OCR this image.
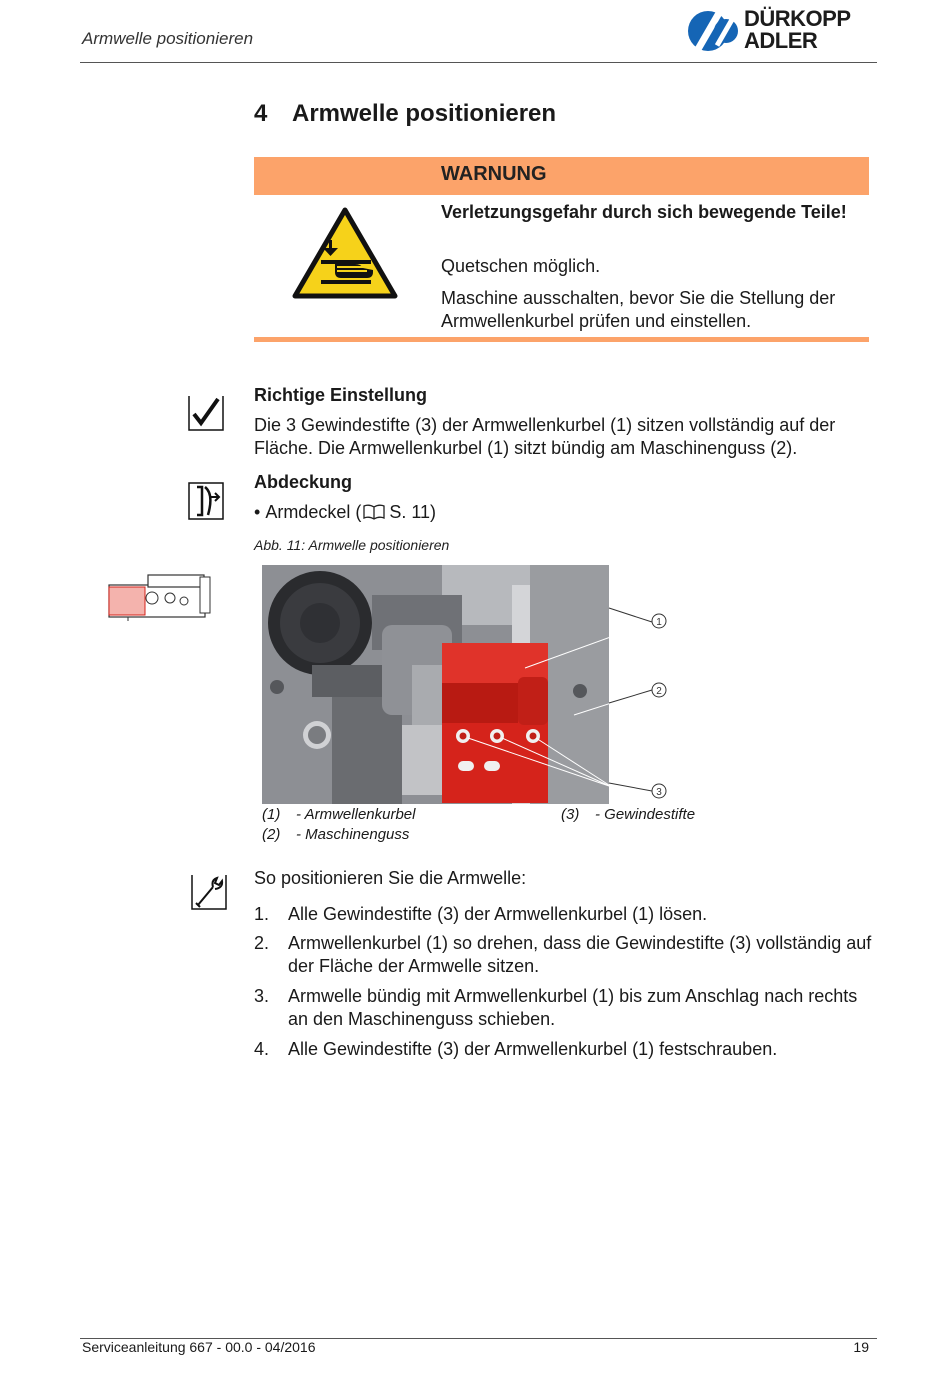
Armwelle positionieren
DÜRKOPP
ADLER
4 Armwelle positionieren
WARNUNG
Verletzungsgefahr durch sich bewegende Teile!
Quetschen möglich.
Maschine ausschalten, bevor Sie die Stellung der Armwellenkurbel prüfen und einstellen.
Richtige Einstellung
Die 3 Gewindestifte (3) der Armwellenkurbel (1) sitzen vollständig auf der Fläche. Die Armwellenkurbel (1) sitzt bündig am Maschinenguss (2).
Abdeckung
• Armdeckel ( S. 11)
Abb. 11: Armwelle positionieren
1
2
3
(1) - Armwellenkurbel
(2) - Maschinenguss
(3) - Gewindestifte
So positionieren Sie die Armwelle:
1. Alle Gewindestifte (3) der Armwellenkurbel (1) lösen.
2. Armwellenkurbel (1) so drehen, dass die Gewindestifte (3) vollständig auf der Fläche der Armwelle sitzen.
3. Armwelle bündig mit Armwellenkurbel (1) bis zum Anschlag nach rechts an den Maschinenguss schieben.
4. Alle Gewindestifte (3) der Armwellenkurbel (1) festschrauben.
Serviceanleitung 667 - 00.0 - 04/2016	19
